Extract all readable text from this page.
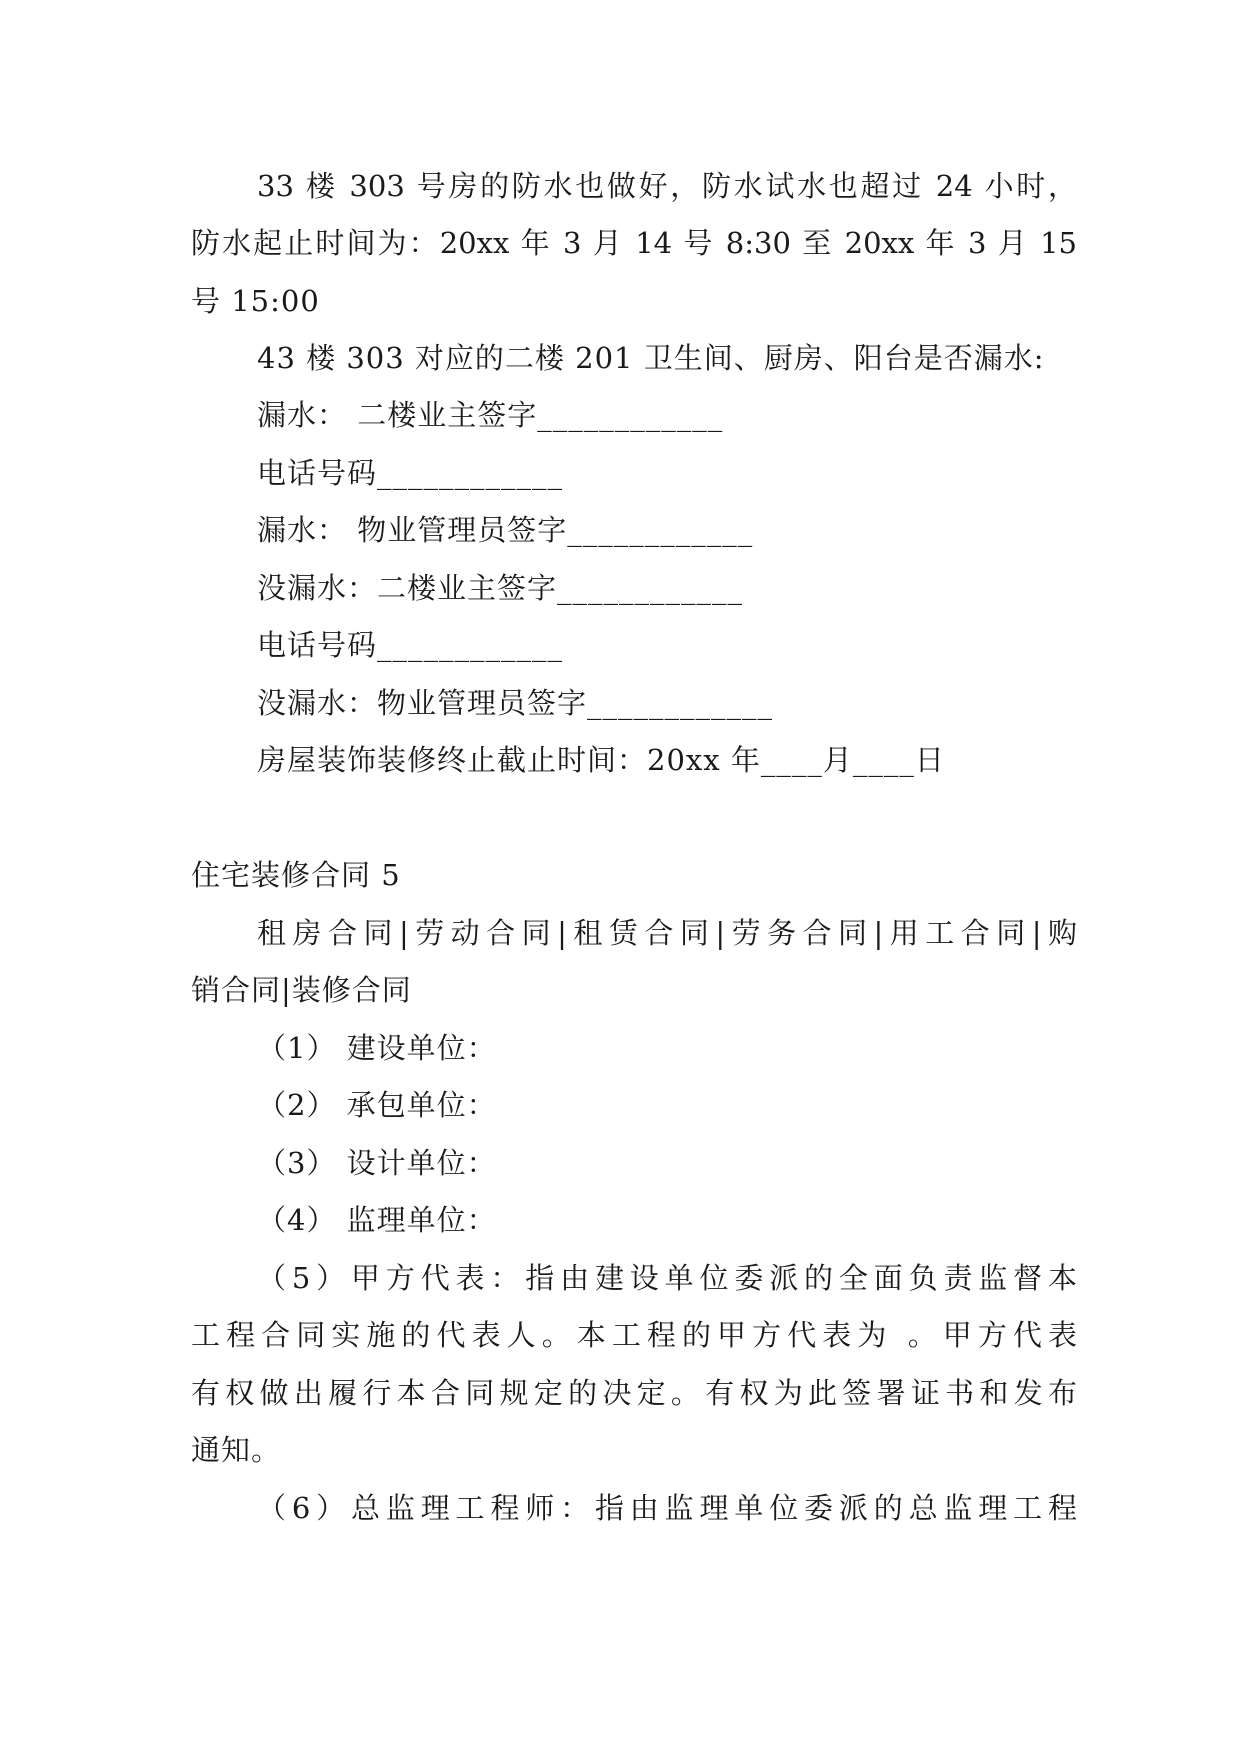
33 楼 303 号房的防水也做好，防水试水也超过 24 小时，
防水起止时间为：20xx 年 3 月 14 号 8:30 至 20xx 年 3 月 15
号 15:00
43 楼 303 对应的二楼 201 卫生间、厨房、阳台是否漏水:
漏水： 二楼业主签字____________
电话号码____________
漏水： 物业管理员签字____________
没漏水：二楼业主签字____________
电话号码____________
没漏水：物业管理员签字____________
房屋装饰装修终止截止时间：20xx 年____月____日
住宅装修合同 5
租房合同|劳动合同|租赁合同|劳务合同|用工合同|购
销合同|装修合同
（1） 建设单位：
（2） 承包单位：
（3） 设计单位：
（4） 监理单位：
（5）甲方代表：指由建设单位委派的全面负责监督本
工程合同实施的代表人。本工程的甲方代表为 。甲方代表
有权做出履行本合同规定的决定。有权为此签署证书和发布
通知。
（6）总监理工程师：指由监理单位委派的总监理工程
